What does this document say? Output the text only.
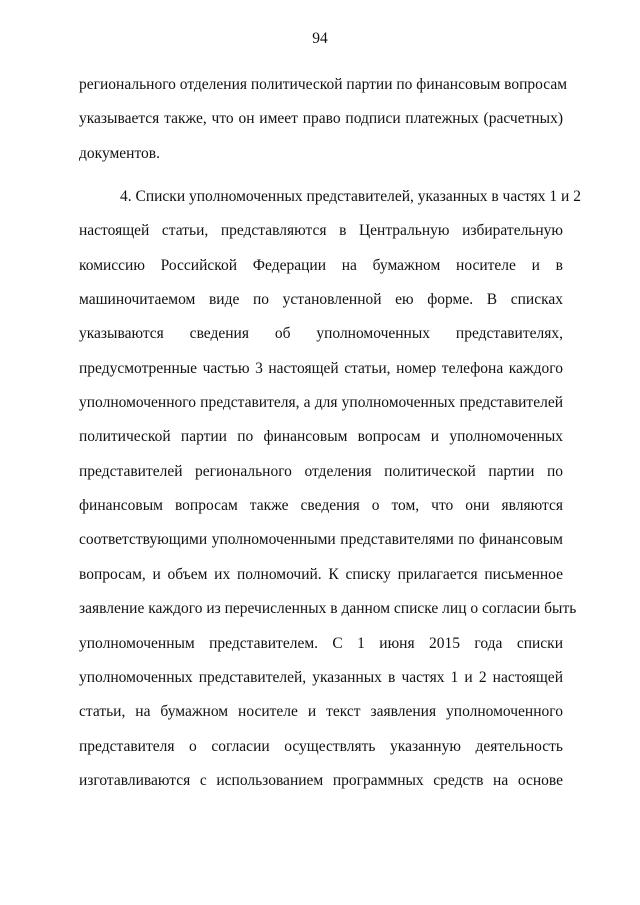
94
регионального отделения политической партии по финансовым вопросам
указывается также, что он имеет право подписи платежных (расчетных)
документов.
4. Списки уполномоченных представителей, указанных в частях 1 и 2
настоящей статьи, представляются в Центральную избирательную
комиссию Российской Федерации на бумажном носителе и в
машиночитаемом виде по установленной ею форме. В списках
указываются сведения об уполномоченных представителях,
предусмотренные частью 3 настоящей статьи, номер телефона каждого
уполномоченного представителя, а для уполномоченных представителей
политической партии по финансовым вопросам и уполномоченных
представителей регионального отделения политической партии по
финансовым вопросам также сведения о том, что они являются
соответствующими уполномоченными представителями по финансовым
вопросам, и объем их полномочий. К списку прилагается письменное
заявление каждого из перечисленных в данном списке лиц о согласии быть
уполномоченным представителем. С 1 июня 2015 года списки
уполномоченных представителей, указанных в частях 1 и 2 настоящей
статьи, на бумажном носителе и текст заявления уполномоченного
представителя о согласии осуществлять указанную деятельность
изготавливаются с использованием программных средств на основе
